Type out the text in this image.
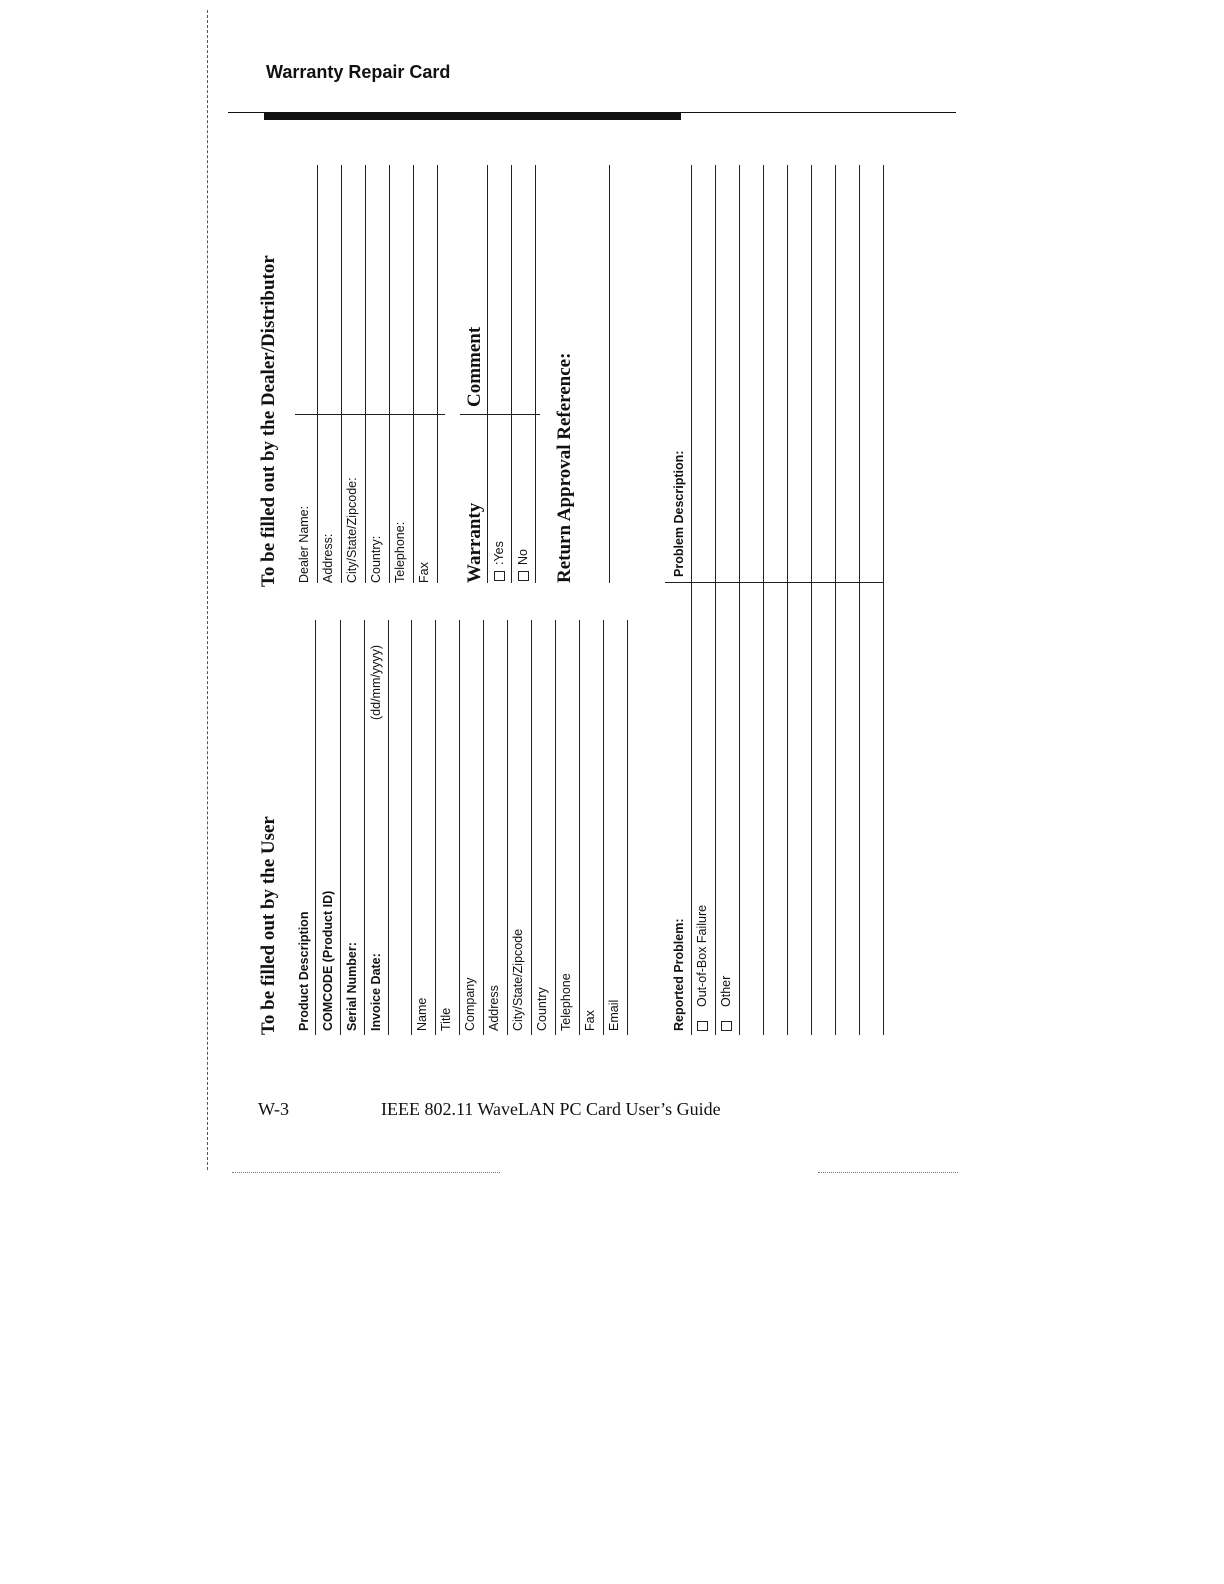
Warranty Repair Card
To be filled out by the User Product Description COMCODE (Product ID) Serial Number: Invoice Date:
(dd/mm/yyyy)
Name Title Company Address City/State/Zipcode Country Telephone Fax Email
To be filled out by the Dealer/Distributor Dealer Name: Address: City/State/Zipcode: Country: Telephone: Fax Warranty
Comment
:Yes No Return Approval Reference:
Reported Problem: Out-of-Box Failure Other
Problem Description:
W-3	IEEE 802.11 WaveLAN PC Card User’s Guide
